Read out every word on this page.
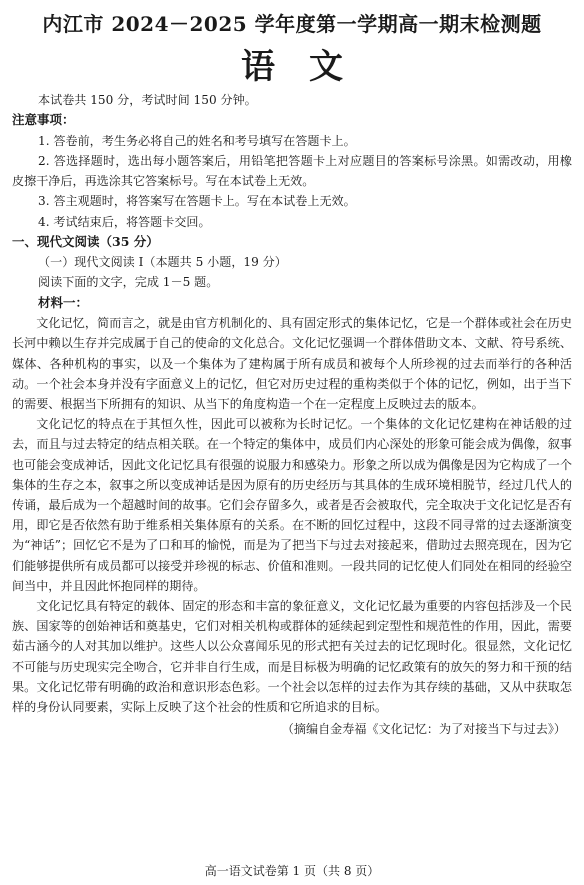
内江市 2024－2025 学年度第一学期高一期末检测题
语　文

本试卷共 150 分，考试时间 150 分钟。

注意事项：

1. 答卷前，考生务必将自己的姓名和考号填写在答题卡上。

2. 答选择题时，选出每小题答案后，用铅笔把答题卡上对应题目的答案标号涂黑。如需改动，用橡皮擦干净后，再选涂其它答案标号。写在本试卷上无效。

3. 答主观题时，将答案写在答题卡上。写在本试卷上无效。

4. 考试结束后，将答题卡交回。

一、现代文阅读（35 分）

（一）现代文阅读 Ⅰ（本题共 5 小题，19 分）

阅读下面的文字，完成 1－5 题。

材料一：

文化记忆，简而言之，就是由官方机制化的、具有固定形式的集体记忆，它是一个群体或社会在历史长河中赖以生存并完成属于自己的使命的文化总合。文化记忆强调一个群体借助文本、文献、符号系统、媒体、各种机构的事实，以及一个集体为了建构属于所有成员和被每个人所珍视的过去而举行的各种活动。一个社会本身并没有字面意义上的记忆，但它对历史过程的重构类似于个体的记忆，例如，出于当下的需要、根据当下所拥有的知识、从当下的角度构造一个在一定程度上反映过去的版本。

文化记忆的特点在于其恒久性，因此可以被称为长时记忆。一个集体的文化记忆建构在神话般的过去，而且与过去特定的结点相关联。在一个特定的集体中，成员们内心深处的形象可能会成为偶像，叙事也可能会变成神话，因此文化记忆具有很强的说服力和感染力。形象之所以成为偶像是因为它构成了一个集体的生存之本，叙事之所以变成神话是因为原有的历史经历与其具体的生成环境相脱节，经过几代人的传诵，最后成为一个超越时间的故事。它们会存留多久，或者是否会被取代，完全取决于文化记忆是否有用，即它是否依然有助于维系相关集体原有的关系。在不断的回忆过程中，这段不同寻常的过去逐渐演变为“神话”；回忆它不是为了口和耳的愉悦，而是为了把当下与过去对接起来，借助过去照亮现在，因为它们能够提供所有成员都可以接受并珍视的标志、价值和准则。一段共同的记忆使人们同处在相同的经验空间当中，并且因此怀抱同样的期待。

文化记忆具有特定的载体、固定的形态和丰富的象征意义，文化记忆最为重要的内容包括涉及一个民族、国家等的创始神话和奠基史，它们对相关机构或群体的延续起到定型性和规范性的作用，因此，需要茹古涵今的人对其加以维护。这些人以公众喜闻乐见的形式把有关过去的记忆现时化。很显然，文化记忆不可能与历史现实完全吻合，它并非自行生成，而是目标极为明确的记忆政策有的放矢的努力和干预的结果。文化记忆带有明确的政治和意识形态色彩。一个社会以怎样的过去作为其存续的基础，又从中获取怎样的身份认同要素，实际上反映了这个社会的性质和它所追求的目标。

（摘编自金寿福《文化记忆：为了对接当下与过去》）

高一语文试卷第 1 页（共 8 页）
